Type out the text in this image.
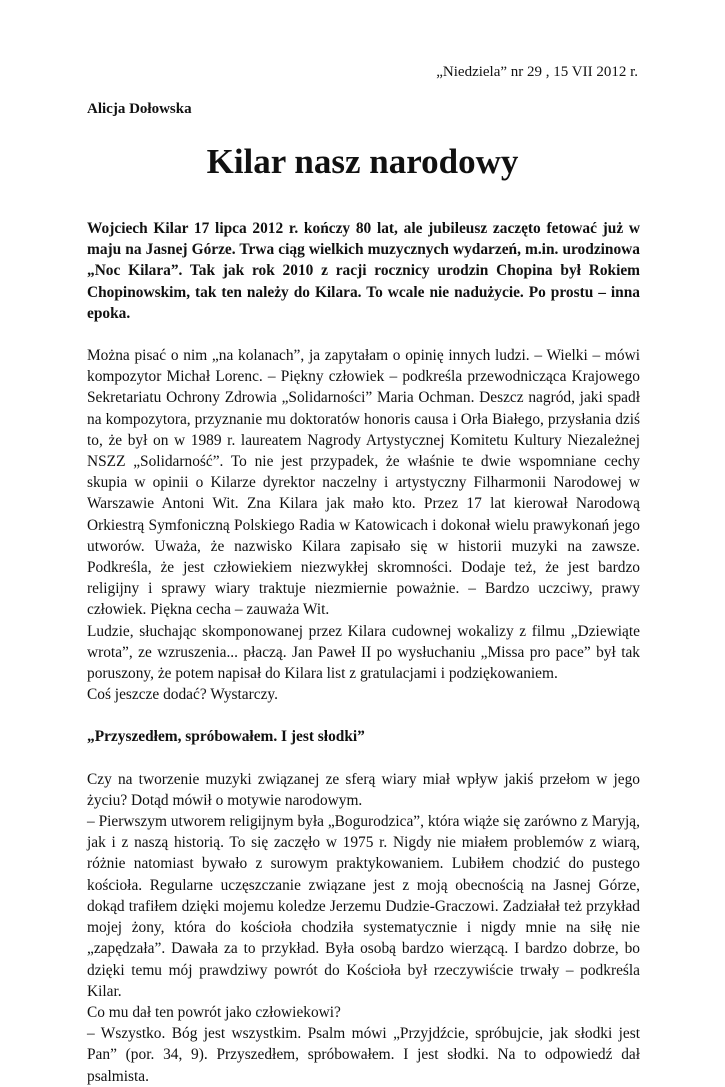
„Niedziela” nr 29 , 15 VII 2012 r.
Alicja Dołowska
Kilar nasz narodowy

Wojciech Kilar 17 lipca 2012 r. kończy 80 lat, ale jubileusz zaczęto fetować już w maju na Jasnej Górze. Trwa ciąg wielkich muzycznych wydarzeń, m.in. urodzinowa „Noc Kilara”. Tak jak rok 2010 z racji rocznicy urodzin Chopina był Rokiem Chopinowskim, tak ten należy do Kilara. To wcale nie nadużycie. Po prostu – inna epoka.

Można pisać o nim „na kolanach”, ja zapytałam o opinię innych ludzi. – Wielki – mówi kompozytor Michał Lorenc. – Piękny człowiek – podkreśla przewodnicząca Krajowego Sekretariatu Ochrony Zdrowia „Solidarności” Maria Ochman. Deszcz nagród, jaki spadł na kompozytora, przyznanie mu doktoratów honoris causa i Orła Białego, przysłania dziś to, że był on w 1989 r. laureatem Nagrody Artystycznej Komitetu Kultury Niezależnej NSZZ „Solidarność”. To nie jest przypadek, że właśnie te dwie wspomniane cechy skupia w opinii o Kilarze dyrektor naczelny i artystyczny Filharmonii Narodowej w Warszawie Antoni Wit. Zna Kilara jak mało kto. Przez 17 lat kierował Narodową Orkiestrą Symfoniczną Polskiego Radia w Katowicach i dokonał wielu prawykonań jego utworów. Uważa, że nazwisko Kilara zapisało się w historii muzyki na zawsze. Podkreśla, że jest człowiekiem niezwykłej skromności. Dodaje też, że jest bardzo religijny i sprawy wiary traktuje niezmiernie poważnie. – Bardzo uczciwy, prawy człowiek. Piękna cecha – zauważa Wit.

Ludzie, słuchając skomponowanej przez Kilara cudownej wokalizy z filmu „Dziewiąte wrota”, ze wzruszenia... płaczą. Jan Paweł II po wysłuchaniu „Missa pro pace” był tak poruszony, że potem napisał do Kilara list z gratulacjami i podziękowaniem.

Coś jeszcze dodać? Wystarczy.

„Przyszedłem, spróbowałem. I jest słodki”

Czy na tworzenie muzyki związanej ze sferą wiary miał wpływ jakiś przełom w jego życiu? Dotąd mówił o motywie narodowym.

– Pierwszym utworem religijnym była „Bogurodzica”, która wiąże się zarówno z Maryją, jak i z naszą historią. To się zaczęło w 1975 r. Nigdy nie miałem problemów z wiarą, różnie natomiast bywało z surowym praktykowaniem. Lubiłem chodzić do pustego kościoła. Regularne uczęszczanie związane jest z moją obecnością na Jasnej Górze, dokąd trafiłem dzięki mojemu koledze Jerzemu Dudzie-Graczowi. Zadziałał też przykład mojej żony, która do kościoła chodziła systematycznie i nigdy mnie na siłę nie „zapędzała”. Dawała za to przykład. Była osobą bardzo wierzącą. I bardzo dobrze, bo dzięki temu mój prawdziwy powrót do Kościoła był rzeczywiście trwały – podkreśla Kilar.

Co mu dał ten powrót jako człowiekowi?

– Wszystko. Bóg jest wszystkim. Psalm mówi „Przyjdźcie, spróbujcie, jak słodki jest Pan” (por. 34, 9). Przyszedłem, spróbowałem. I jest słodki. Na to odpowiedź dał psalmista.
